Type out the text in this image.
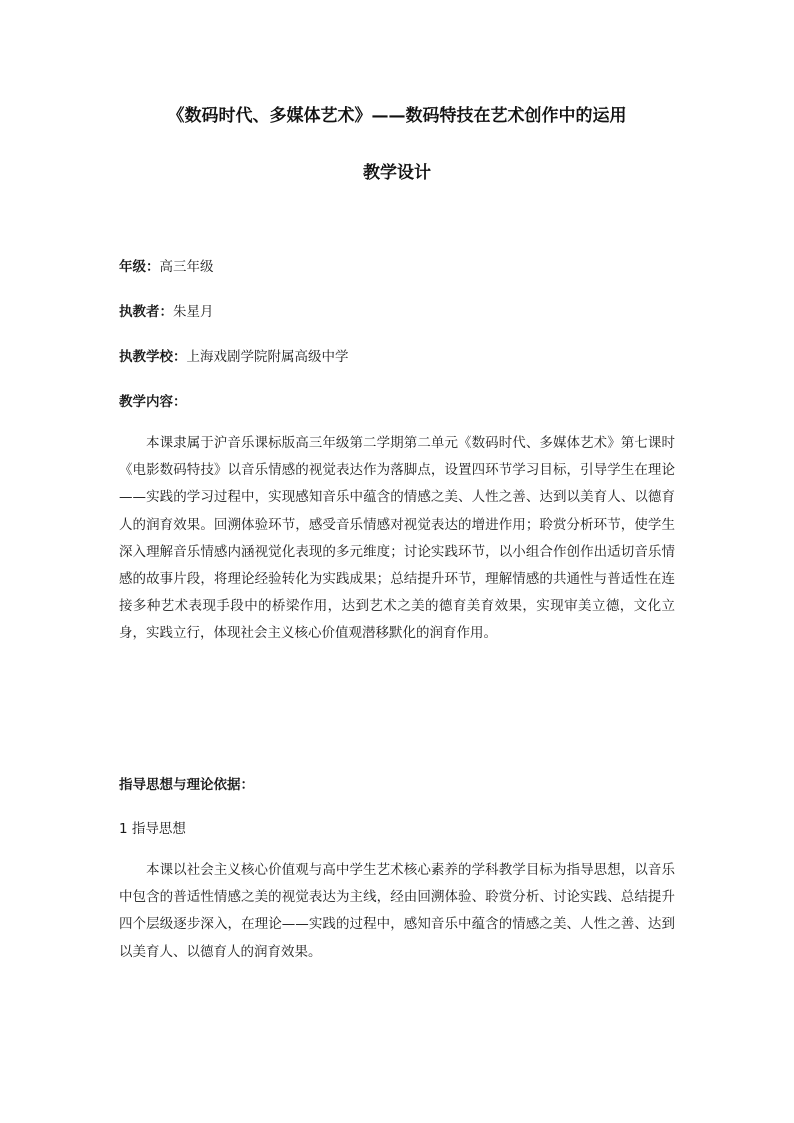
《数码时代、多媒体艺术》——数码特技在艺术创作中的运用
教学设计
年级：高三年级
执教者：朱星月
执教学校：上海戏剧学院附属高级中学
教学内容：
本课隶属于沪音乐课标版高三年级第二学期第二单元《数码时代、多媒体艺术》第七课时《电影数码特技》以音乐情感的视觉表达作为落脚点，设置四环节学习目标，引导学生在理论——实践的学习过程中，实现感知音乐中蕴含的情感之美、人性之善、达到以美育人、以德育人的润育效果。回溯体验环节，感受音乐情感对视觉表达的增进作用；聆赏分析环节，使学生深入理解音乐情感内涵视觉化表现的多元维度；讨论实践环节，以小组合作创作出适切音乐情感的故事片段，将理论经验转化为实践成果；总结提升环节，理解情感的共通性与普适性在连接多种艺术表现手段中的桥梁作用，达到艺术之美的德育美育效果，实现审美立德，文化立身，实践立行，体现社会主义核心价值观潜移默化的润育作用。
指导思想与理论依据：
1 指导思想
本课以社会主义核心价值观与高中学生艺术核心素养的学科教学目标为指导思想，以音乐中包含的普适性情感之美的视觉表达为主线，经由回溯体验、聆赏分析、讨论实践、总结提升四个层级逐步深入，在理论——实践的过程中，感知音乐中蕴含的情感之美、人性之善、达到以美育人、以德育人的润育效果。
